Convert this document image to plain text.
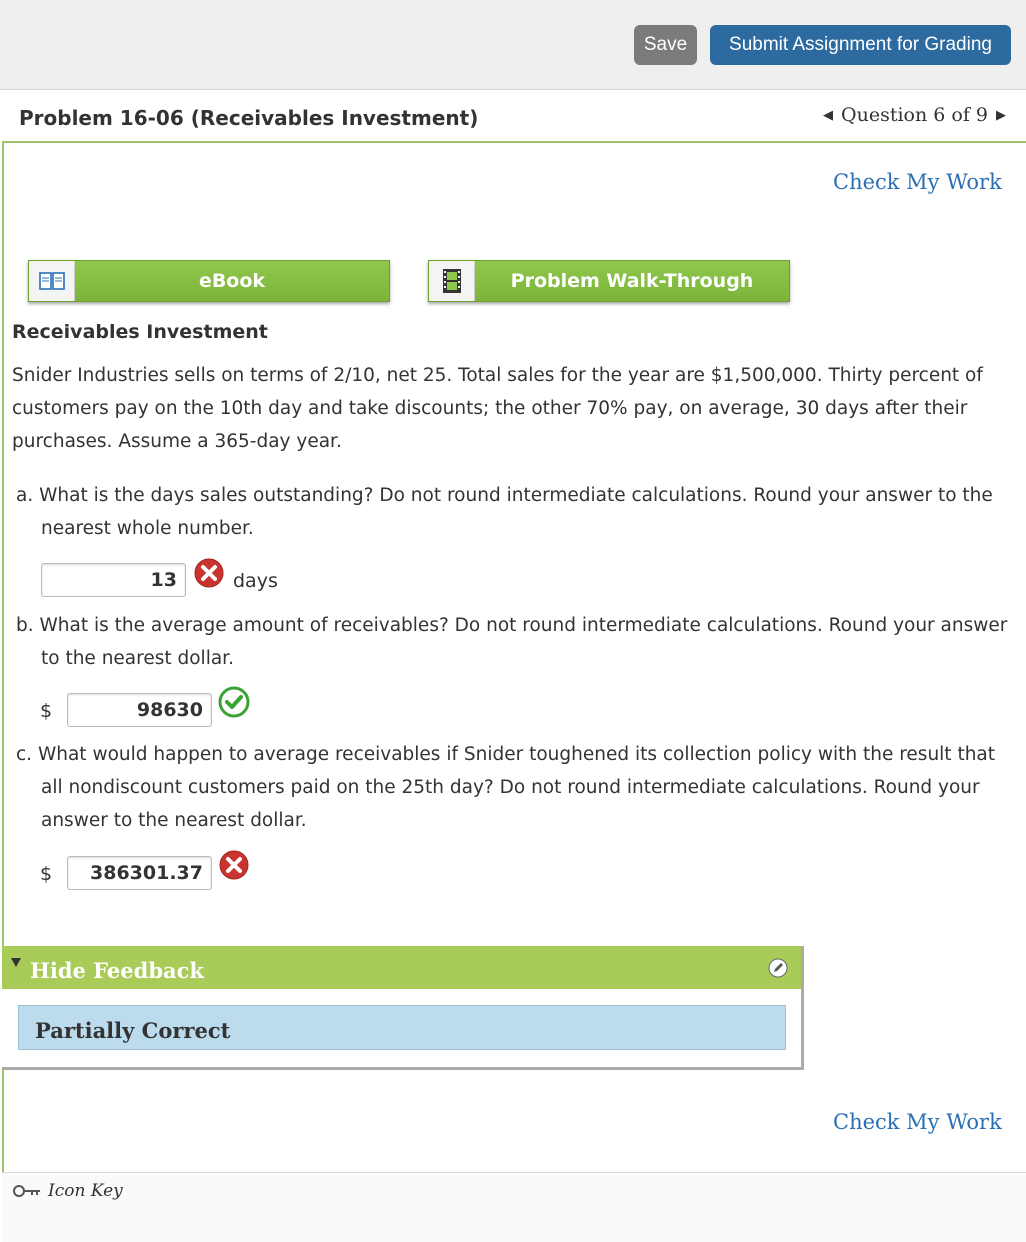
Save	Submit Assignment for Grading
Problem 16-06 (Receivables Investment)	◀ Question 6 of 9 ▶
Check My Work
eBook	Problem Walk-Through
Receivables Investment

Snider Industries sells on terms of 2/10, net 25. Total sales for the year are $1,500,000. Thirty percent of customers pay on the 10th day and take discounts; the other 70% pay, on average, 30 days after their purchases. Assume a 365-day year.

a. What is the days sales outstanding? Do not round intermediate calculations. Round your answer to the nearest whole number.
13	days
b. What is the average amount of receivables? Do not round intermediate calculations. Round your answer to the nearest dollar.
$	98630
c. What would happen to average receivables if Snider toughened its collection policy with the result that all nondiscount customers paid on the 25th day? Do not round intermediate calculations. Round your answer to the nearest dollar.
$	386301.37
Hide Feedback
Partially Correct
Check My Work
Icon Key
